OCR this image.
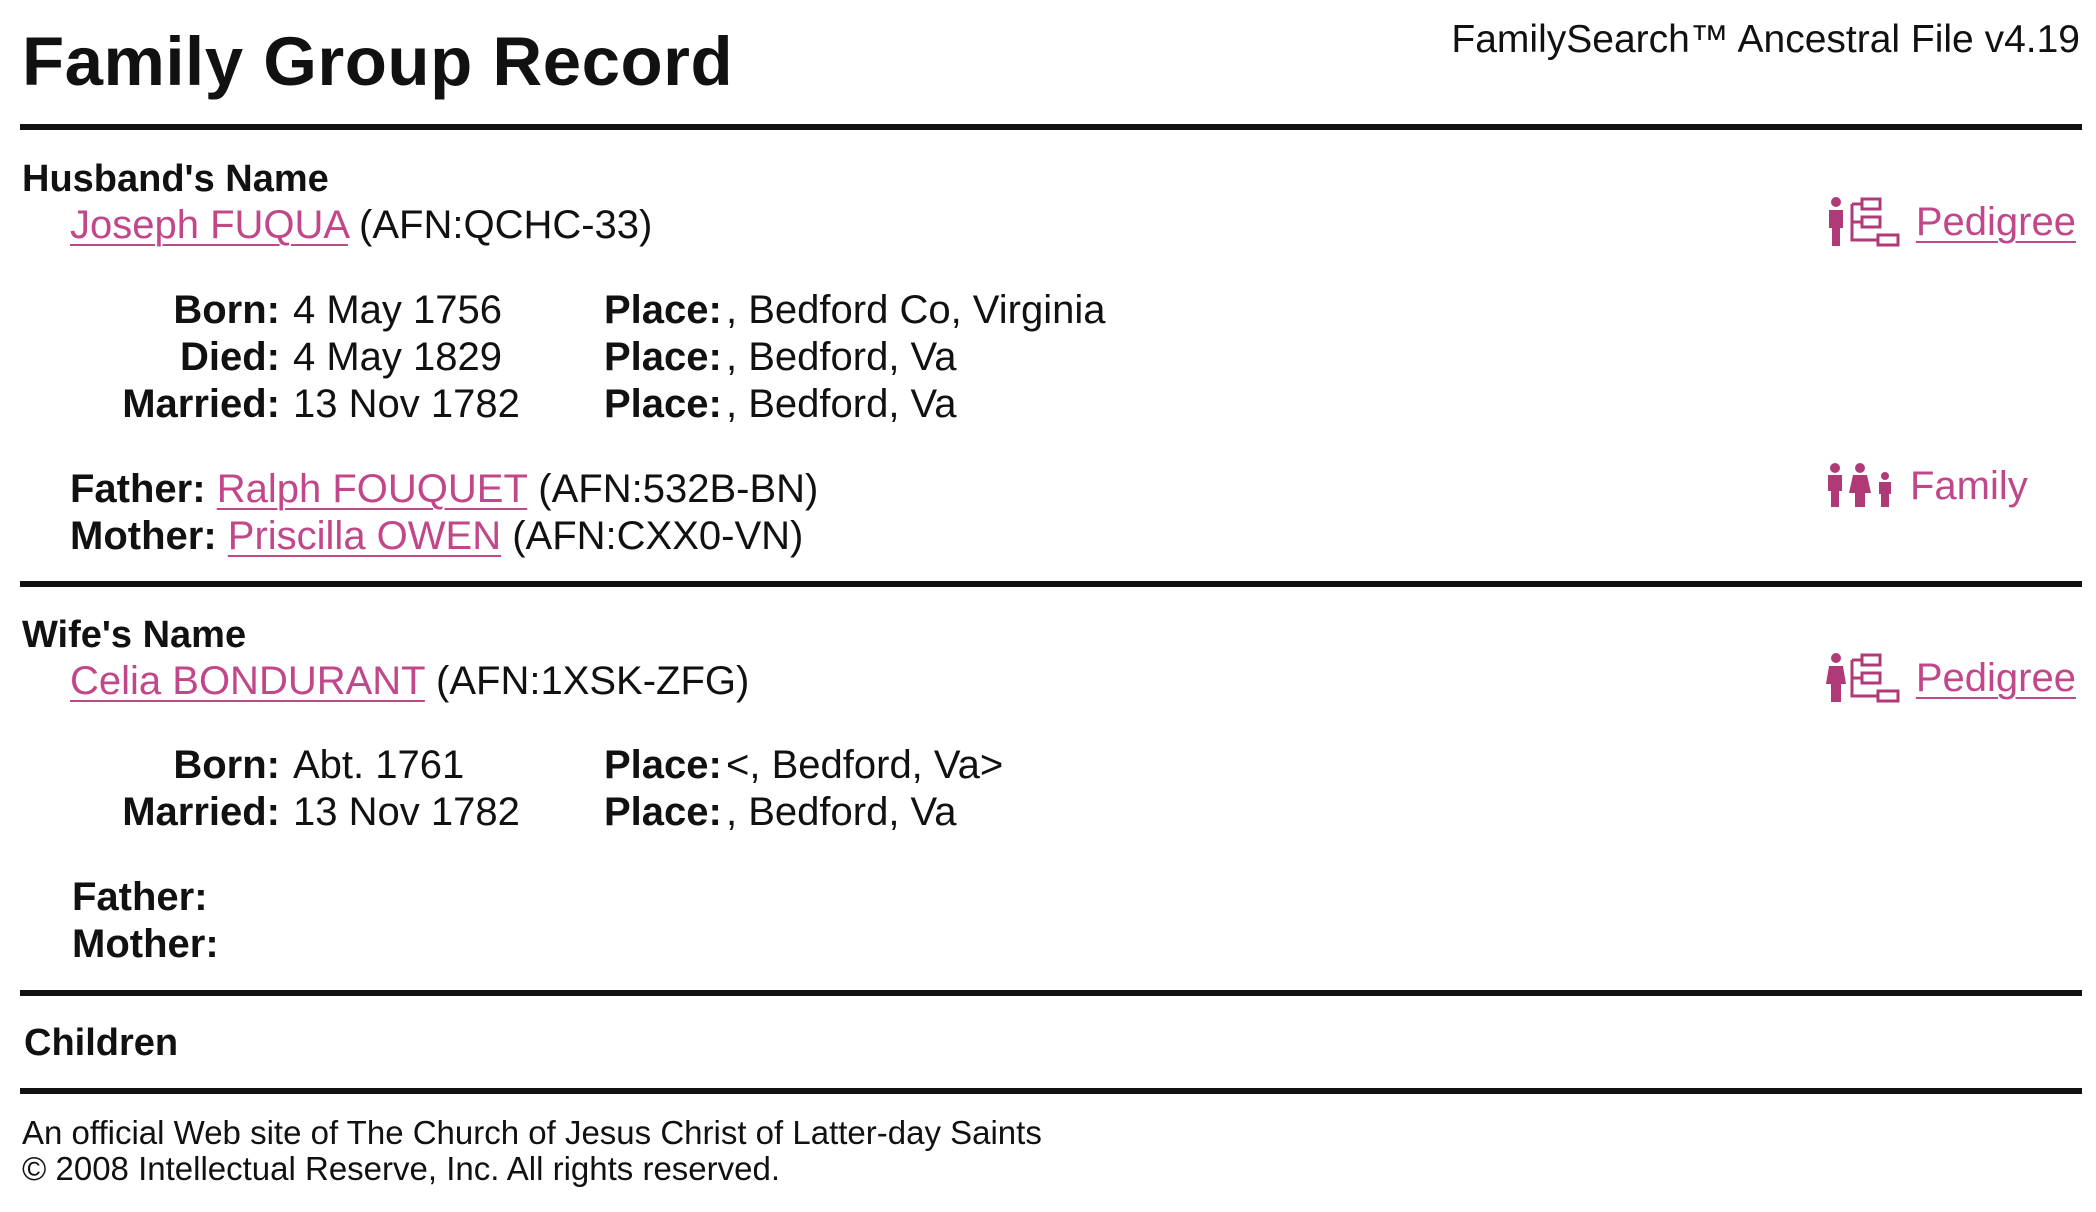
Family Group Record	FamilySearch™ Ancestral File v4.19
Husband's Name
Joseph FUQUA (AFN:QCHC-33)	Pedigree
Born: 4 May 1756	Place: , Bedford Co, Virginia
Died: 4 May 1829	Place: , Bedford, Va
Married: 13 Nov 1782 Place: , Bedford, Va
Father: Ralph FOUQUET (AFN:532B-BN)
Mother: Priscilla OWEN (AFN:CXX0-VN)
Family
Wife's Name
Celia BONDURANT (AFN:1XSK-ZFG)	Pedigree
Born: Abt. 1761	Place: <, Bedford, Va>
Married: 13 Nov 1782 Place: , Bedford, Va
Father:
Mother:
Children
An official Web site of The Church of Jesus Christ of Latter-day Saints
© 2008 Intellectual Reserve, Inc. All rights reserved.
